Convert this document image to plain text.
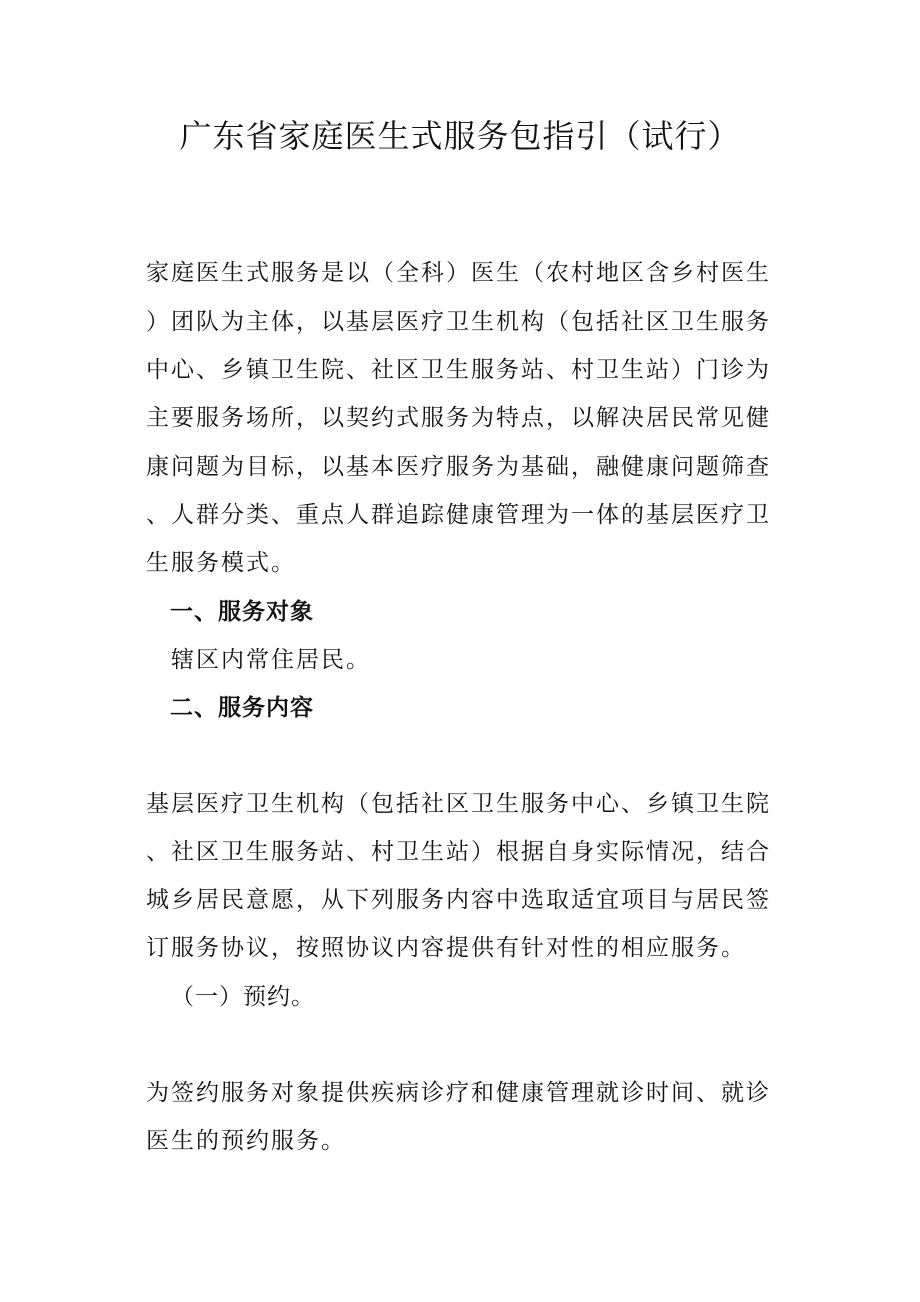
广东省家庭医生式服务包指引（试行）
家庭医生式服务是以（全科）医生（农村地区含乡村医生
）团队为主体，以基层医疗卫生机构（包括社区卫生服务
中心、乡镇卫生院、社区卫生服务站、村卫生站）门诊为
主要服务场所，以契约式服务为特点，以解决居民常见健
康问题为目标，以基本医疗服务为基础，融健康问题筛查
、人群分类、重点人群追踪健康管理为一体的基层医疗卫
生服务模式。
一、服务对象
辖区内常住居民。
二、服务内容
基层医疗卫生机构（包括社区卫生服务中心、乡镇卫生院
、社区卫生服务站、村卫生站）根据自身实际情况，结合
城乡居民意愿，从下列服务内容中选取适宜项目与居民签
订服务协议，按照协议内容提供有针对性的相应服务。
（一）预约。
为签约服务对象提供疾病诊疗和健康管理就诊时间、就诊
医生的预约服务。
